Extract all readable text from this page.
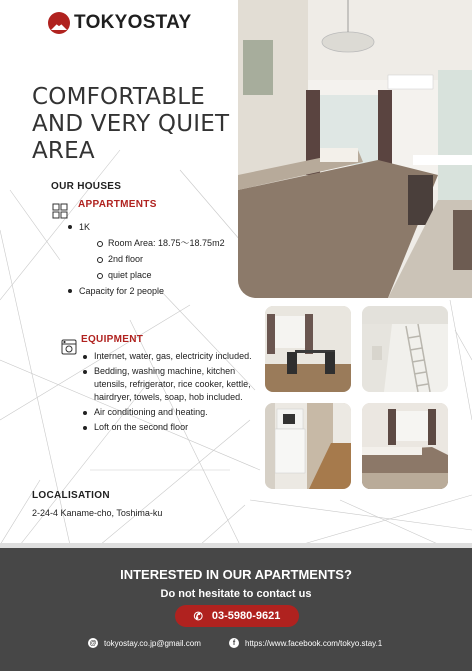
TOKYOSTAY
COMFORTABLE AND VERY QUIET AREA
OUR HOUSES
APPARTMENTS
1K
Room Area: 18.75〜18.75m2
2nd floor
quiet place
Capacity for 2 people
EQUIPMENT
Internet, water, gas, electricity included.
Bedding, washing machine, kitchen utensils, refrigerator, rice cooker, kettle, hairdryer, towels, soap, hob included.
Air conditioning and heating.
Loft on the second floor
LOCALISATION
2-24-4 Kaname-cho, Toshima-ku
INTERESTED IN OUR APARTMENTS?
Do not hesitate to contact us
✆ 03-5980-9621
@ tokyostay.co.jp@gmail.com	f	https://www.facebook.com/tokyo.stay.1
